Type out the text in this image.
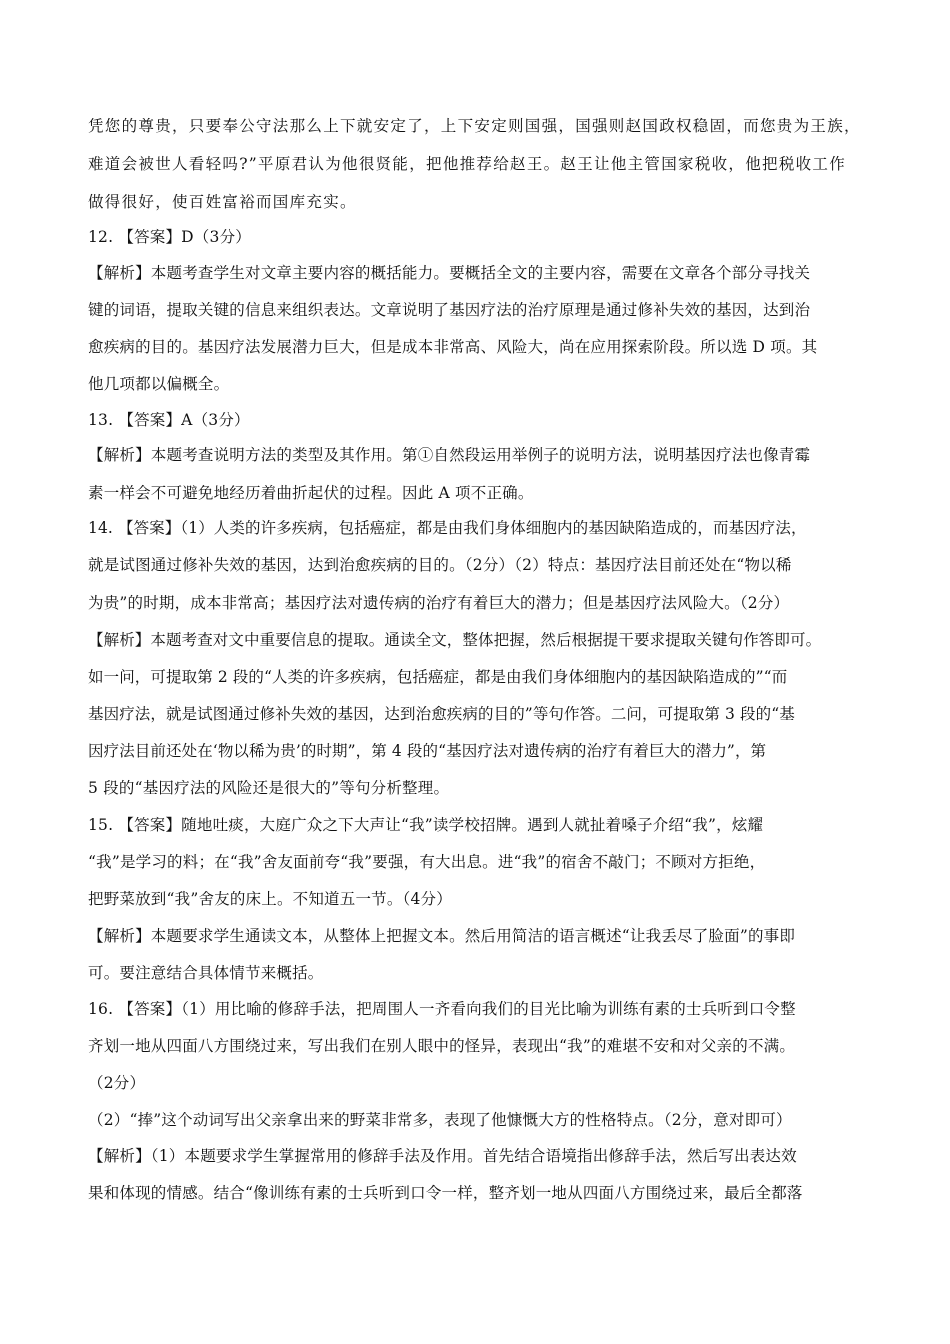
凭您的尊贵，只要奉公守法那么上下就安定了，上下安定则国强，国强则赵国政权稳固，而您贵为王族，
难道会被世人看轻吗?”平原君认为他很贤能，把他推荐给赵王。赵王让他主管国家税收，他把税收工作
做得很好，使百姓富裕而国库充实。
12. 【答案】D（3分）
【解析】本题考查学生对文章主要内容的概括能力。要概括全文的主要内容，需要在文章各个部分寻找关
键的词语，提取关键的信息来组织表达。文章说明了基因疗法的治疗原理是通过修补失效的基因，达到治
愈疾病的目的。基因疗法发展潜力巨大，但是成本非常高、风险大，尚在应用探索阶段。所以选 D 项。其
他几项都以偏概全。
13. 【答案】A（3分）
【解析】本题考查说明方法的类型及其作用。第①自然段运用举例子的说明方法，说明基因疗法也像青霉
素一样会不可避免地经历着曲折起伏的过程。因此 A 项不正确。
14. 【答案】（1）人类的许多疾病，包括癌症，都是由我们身体细胞内的基因缺陷造成的，而基因疗法，
就是试图通过修补失效的基因，达到治愈疾病的目的。（2分）（2）特点：基因疗法目前还处在“物以稀
为贵”的时期，成本非常高；基因疗法对遗传病的治疗有着巨大的潜力；但是基因疗法风险大。（2分）
【解析】本题考查对文中重要信息的提取。通读全文，整体把握，然后根据提干要求提取关键句作答即可。
如一问，可提取第 2 段的“人类的许多疾病，包括癌症，都是由我们身体细胞内的基因缺陷造成的”“而
基因疗法，就是试图通过修补失效的基因，达到治愈疾病的目的”等句作答。二问，可提取第 3 段的“基
因疗法目前还处在‘物以稀为贵’的时期”，第 4 段的“基因疗法对遗传病的治疗有着巨大的潜力”，第
5 段的“基因疗法的风险还是很大的”等句分析整理。
15. 【答案】随地吐痰，大庭广众之下大声让“我”读学校招牌。遇到人就扯着嗓子介绍“我”，炫耀
“我”是学习的料；在“我”舍友面前夸“我”要强，有大出息。进“我”的宿舍不敲门；不顾对方拒绝，
把野菜放到“我”舍友的床上。不知道五一节。（4分）
【解析】本题要求学生通读文本，从整体上把握文本。然后用简洁的语言概述“让我丢尽了脸面”的事即
可。要注意结合具体情节来概括。
16. 【答案】（1）用比喻的修辞手法，把周围人一齐看向我们的目光比喻为训练有素的士兵听到口令整
齐划一地从四面八方围绕过来，写出我们在别人眼中的怪异，表现出“我”的难堪不安和对父亲的不满。
（2分）
（2）“捧”这个动词写出父亲拿出来的野菜非常多，表现了他慷慨大方的性格特点。（2分，意对即可）
【解析】（1）本题要求学生掌握常用的修辞手法及作用。首先结合语境指出修辞手法，然后写出表达效
果和体现的情感。结合“像训练有素的士兵听到口令一样，整齐划一地从四面八方围绕过来，最后全都落
